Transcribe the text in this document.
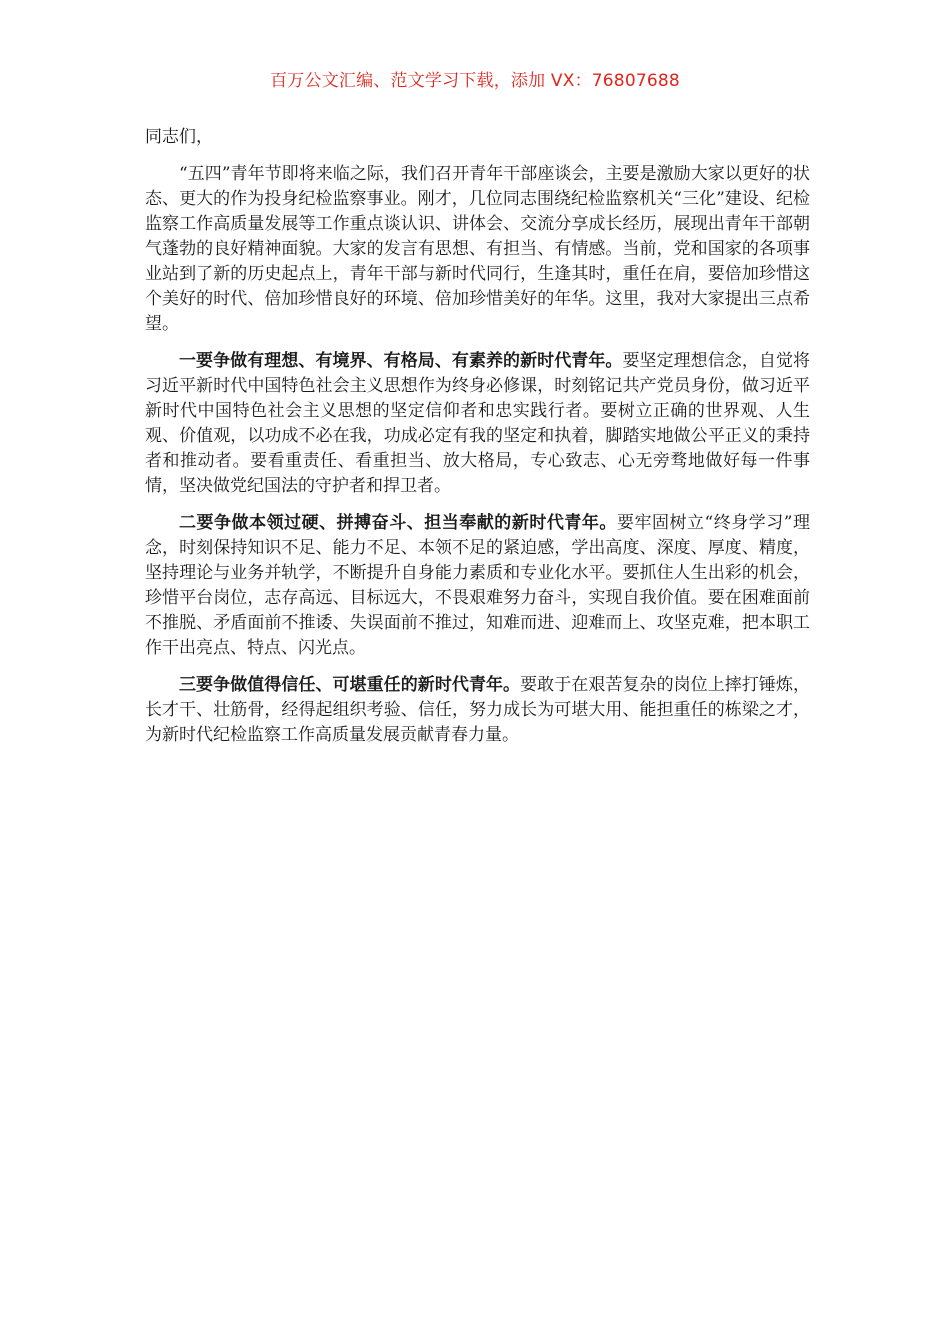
百万公文汇编、范文学习下载，添加 VX：76807688

同志们，

“五四”青年节即将来临之际，我们召开青年干部座谈会，主要是激励大家以更好的状态、更大的作为投身纪检监察事业。刚才，几位同志围绕纪检监察机关“三化”建设、纪检监察工作高质量发展等工作重点谈认识、讲体会、交流分享成长经历，展现出青年干部朝气蓬勃的良好精神面貌。大家的发言有思想、有担当、有情感。当前，党和国家的各项事业站到了新的历史起点上，青年干部与新时代同行，生逢其时，重任在肩，要倍加珍惜这个美好的时代、倍加珍惜良好的环境、倍加珍惜美好的年华。这里，我对大家提出三点希望。

一要争做有理想、有境界、有格局、有素养的新时代青年。要坚定理想信念，自觉将习近平新时代中国特色社会主义思想作为终身必修课，时刻铭记共产党员身份，做习近平新时代中国特色社会主义思想的坚定信仰者和忠实践行者。要树立正确的世界观、人生观、价值观，以功成不必在我，功成必定有我的坚定和执着，脚踏实地做公平正义的秉持者和推动者。要看重责任、看重担当、放大格局，专心致志、心无旁骛地做好每一件事情，坚决做党纪国法的守护者和捍卫者。

二要争做本领过硬、拼搏奋斗、担当奉献的新时代青年。要牢固树立“终身学习”理念，时刻保持知识不足、能力不足、本领不足的紧迫感，学出高度、深度、厚度、精度，坚持理论与业务并轨学，不断提升自身能力素质和专业化水平。要抓住人生出彩的机会，珍惜平台岗位，志存高远、目标远大，不畏艰难努力奋斗，实现自我价值。要在困难面前不推脱、矛盾面前不推诿、失误面前不推过，知难而进、迎难而上、攻坚克难，把本职工作干出亮点、特点、闪光点。

三要争做值得信任、可堪重任的新时代青年。要敢于在艰苦复杂的岗位上摔打锤炼，长才干、壮筋骨，经得起组织考验、信任，努力成长为可堪大用、能担重任的栋梁之才，为新时代纪检监察工作高质量发展贡献青春力量。
